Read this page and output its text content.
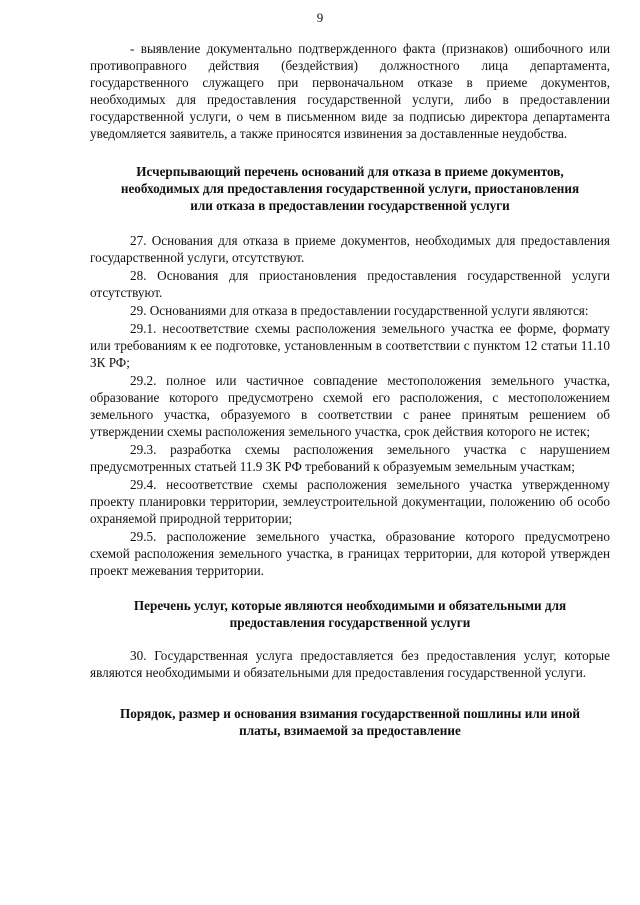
9

- выявление документально подтвержденного факта (признаков) ошибочного или противоправного действия (бездействия) должностного лица департамента, государственного служащего при первоначальном отказе в приеме документов, необходимых для предоставления государственной услуги, либо в предоставлении государственной услуги, о чем в письменном виде за подписью директора департамента уведомляется заявитель, а также приносятся извинения за доставленные неудобства.

Исчерпывающий перечень оснований для отказа в приеме документов, необходимых для предоставления государственной услуги, приостановления или отказа в предоставлении государственной услуги

27. Основания для отказа в приеме документов, необходимых для предоставления государственной услуги, отсутствуют.

28. Основания для приостановления предоставления государственной услуги отсутствуют.

29. Основаниями для отказа в предоставлении государственной услуги являются:

29.1. несоответствие схемы расположения земельного участка ее форме, формату или требованиям к ее подготовке, установленным в соответствии с пунктом 12 статьи 11.10 ЗК РФ;

29.2. полное или частичное совпадение местоположения земельного участка, образование которого предусмотрено схемой его расположения, с местоположением земельного участка, образуемого в соответствии с ранее принятым решением об утверждении схемы расположения земельного участка, срок действия которого не истек;

29.3. разработка схемы расположения земельного участка с нарушением предусмотренных статьей 11.9 ЗК РФ требований к образуемым земельным участкам;

29.4. несоответствие схемы расположения земельного участка утвержденному проекту планировки территории, землеустроительной документации, положению об особо охраняемой природной территории;

29.5. расположение земельного участка, образование которого предусмотрено схемой расположения земельного участка, в границах территории, для которой утвержден проект межевания территории.

Перечень услуг, которые являются необходимыми и обязательными для предоставления государственной услуги

30. Государственная услуга предоставляется без предоставления услуг, которые являются необходимыми и обязательными для предоставления государственной услуги.

Порядок, размер и основания взимания государственной пошлины или иной платы, взимаемой за предоставление
